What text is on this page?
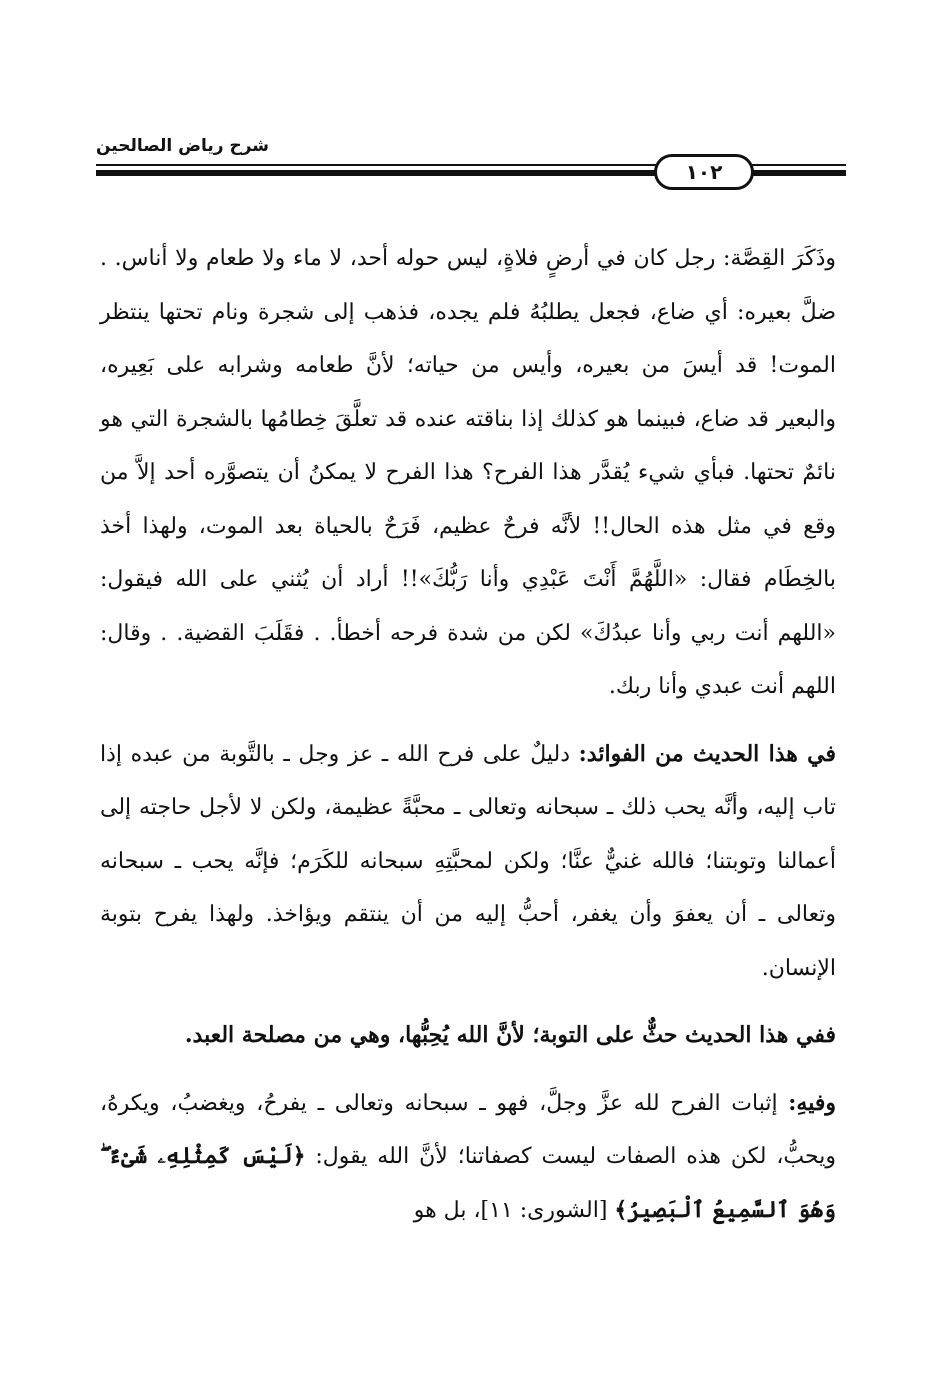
شرح رياض الصالحين
١٠٢

وذَكَرَ القِصَّة: رجل كان في أرضٍ فلاةٍ، ليس حوله أحد، لا ماء ولا طعام ولا أناس. . ضلَّ بعيره: أي ضاع، فجعل يطلبُهُ فلم يجده، فذهب إلى شجرة ونام تحتها ينتظر الموت! قد أيسَ من بعيره، وأيس من حياته؛ لأنَّ طعامه وشرابه على بَعِيره، والبعير قد ضاع، فبينما هو كذلك إذا بناقته عنده قد تعلَّقَ خِطامُها بالشجرة التي هو نائمٌ تحتها. فبأي شيء يُقدَّر هذا الفرح؟ هذا الفرح لا يمكنُ أن يتصوَّره أحد إلاَّ من وقع في مثل هذه الحال!! لأنَّه فرحٌ عظيم، فَرَحٌ بالحياة بعد الموت، ولهذا أخذ بالخِطَام فقال: «اللَّهُمَّ أَنْتَ عَبْدِي وأنا رَبُّكَ»!! أراد أن يُثني على الله فيقول: «اللهم أنت ربي وأنا عبدُكَ» لكن من شدة فرحه أخطأ. . فقَلَبَ القضية. . وقال: اللهم أنت عبدي وأنا ربك.

في هذا الحديث من الفوائد: دليلٌ على فرح الله ـ عز وجل ـ بالتَّوبة من عبده إذا تاب إليه، وأنَّه يحب ذلك ـ سبحانه وتعالى ـ محبَّةً عظيمة، ولكن لا لأجل حاجته إلى أعمالنا وتوبتنا؛ فالله غنيٌّ عنَّا؛ ولكن لمحبَّتِهِ سبحانه للكَرَم؛ فإنَّه يحب ـ سبحانه وتعالى ـ أن يعفوَ وأن يغفر، أحبُّ إليه من أن ينتقم ويؤاخذ. ولهذا يفرح بتوبة الإنسان.

ففي هذا الحديث حثٌّ على التوبة؛ لأنَّ الله يُحِبُّها، وهي من مصلحة العبد.

وفيهِ: إثبات الفرح لله عزَّ وجلَّ، فهو ـ سبحانه وتعالى ـ يفرحُ، ويغضبُ، ويكرهُ، ويحبُّ، لكن هذه الصفات ليست كصفاتنا؛ لأنَّ الله يقول: ﴿لَيْسَ كَمِثْلِهِۦ شَىْءٌ ۖ وَهُوَ ٱلسَّمِيعُ ٱلْبَصِيرُ﴾ [الشورى: ١١]، بل هو
